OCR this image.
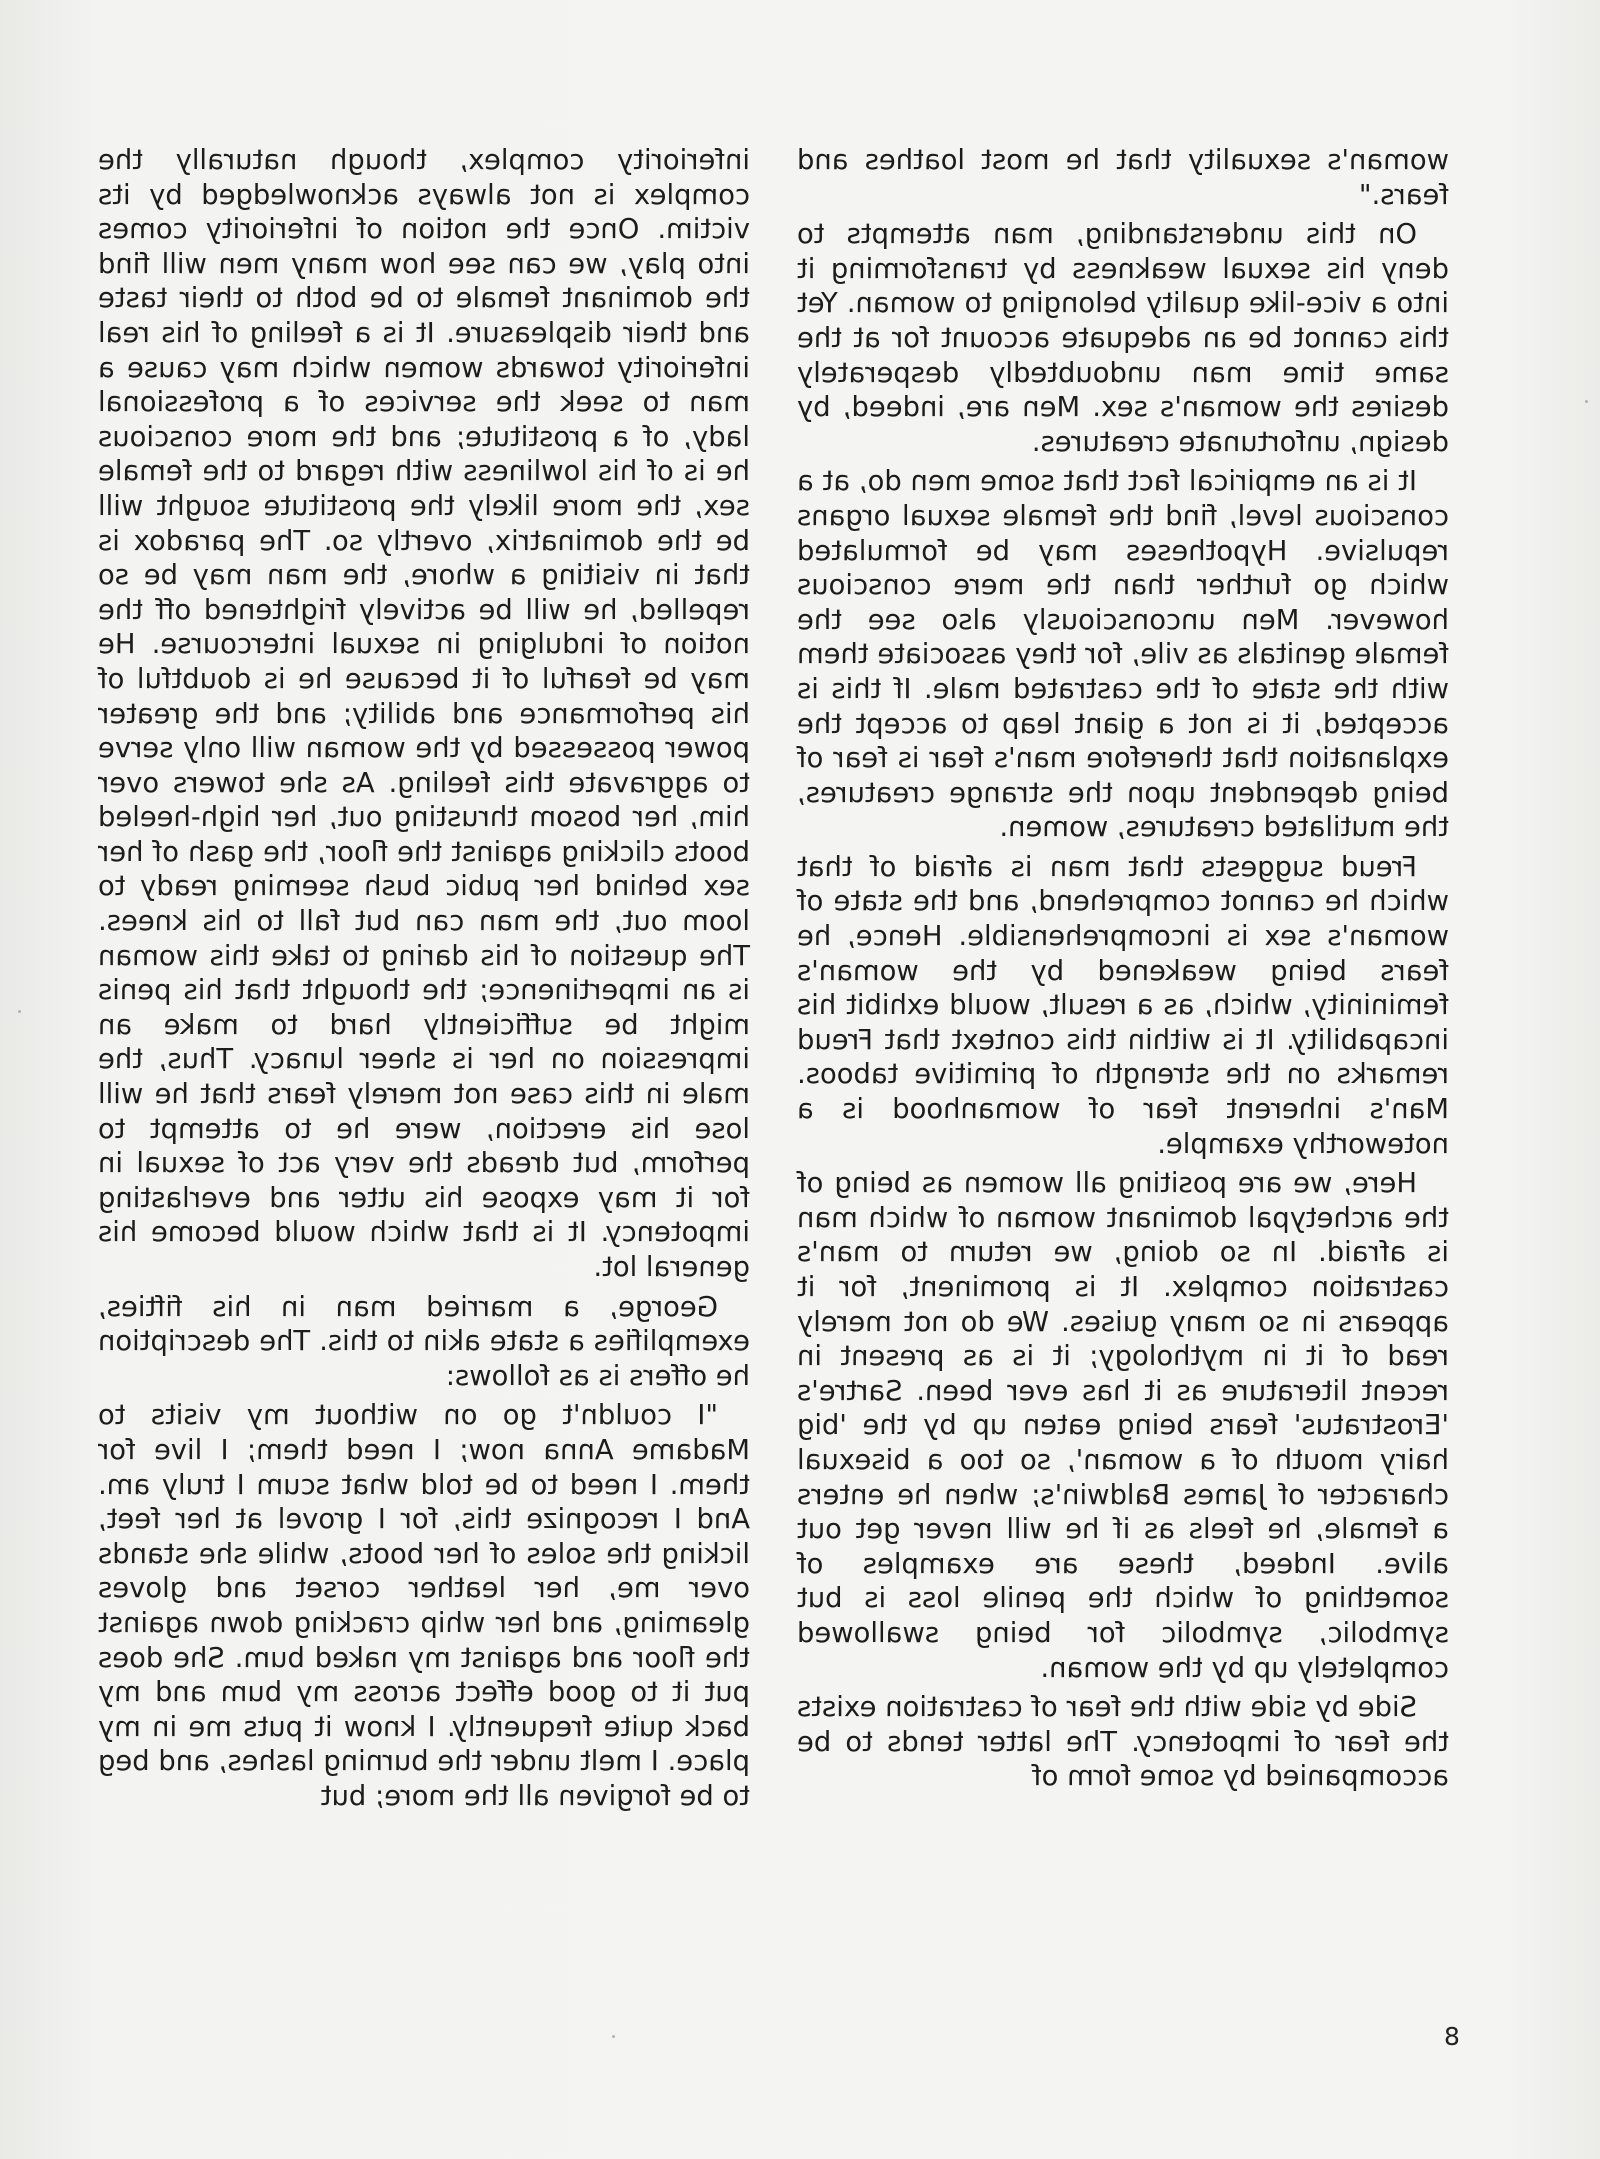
woman's sexuality that he most loathes and fears."

On this understanding, man attempts to deny his sexual weakness by transforming it into a vice-like quality belonging to woman. Yet this cannot be an adequate account for at the same time man undoubtedly desperately desires the woman's sex. Men are, indeed, by design, unfortunate creatures.

It is an empirical fact that some men do, at a conscious level, find the female sexual organs repulsive. Hypotheses may be formulated which go further than the mere conscious however. Men unconsciously also see the female genitals as vile, for they associate them with the state of the castrated male. If this is accepted, it is not a giant leap to accept the explanation that therefore man's fear is fear of being dependent upon the strange creatures, the mutilated creatures, women.

Freud suggests that man is afraid of that which he cannot comprehend, and the state of woman's sex is incomprehensible. Hence, he fears being weakened by the woman's femininity, which, as a result, would exhibit his incapability. It is within this context that Freud remarks on the strength of primitive taboos. Man's inherent fear of womanhood is a noteworthy example.

Here, we are positing all women as being of the archetypal dominant woman of which man is afraid. In so doing, we return to man's castration complex. It is prominent, for it appears in so many guises. We do not merely read of it in mythology; it is as present in recent literature as it has ever been. Sartre's 'Erostratus' fears being eaten up by the 'big hairy mouth of a woman', so too a bisexual character of James Baldwin's; when he enters a female, he feels as if he will never get out alive. Indeed, these are examples of something of which the penile loss is but symbolic, symbolic for being swallowed completely up by the woman.

Side by side with the fear of castration exists the fear of impotency. The latter tends to be accompanied by some form of

inferiority complex, though naturally the complex is not always acknowledged by its victim. Once the notion of inferiority comes into play, we can see how many men will find the dominant female to be both to their taste and their displeasure. It is a feeling of his real inferiority towards women which may cause a man to seek the services of a professional lady, of a prostitute; and the more conscious he is of his lowliness with regard to the female sex, the more likely the prostitute sought will be the dominatrix, overtly so. The paradox is that in visiting a whore, the man may be so repelled, he will be actively frightened off the notion of indulging in sexual intercourse. He may be fearful of it because he is doubtful of his performance and ability; and the greater power possessed by the woman will only serve to aggravate this feeling. As she towers over him, her bosom thrusting out, her high-heeled boots clicking against the floor, the gash of her sex behind her pubic bush seeming ready to loom out, the man can but fall to his knees. The question of his daring to take this woman is an impertinence; the thought that his penis might be sufficiently hard to make an impression on her is sheer lunacy. Thus, the male in this case not merely fears that he will lose his erection, were he to attempt to perform, but dreads the very act of sexual in for it may expose his utter and everlasting impotency. It is that which would become his general lot.

George, a married man in his fifties, exemplifies a state akin to this. The description he offers is as follows:

"I couldn't go on without my visits to Madame Anna now; I need them; I live for them. I need to be told what scum I truly am. And I recognize this, for I grovel at her feet, licking the soles of her boots, while she stands over me, her leather corset and gloves gleaming, and her whip cracking down against the floor and against my naked bum. She does put it to good effect across my bum and my back quite frequently. I know it puts me in my place. I melt under the burning lashes, and beg to be forgiven all the more; but

8
